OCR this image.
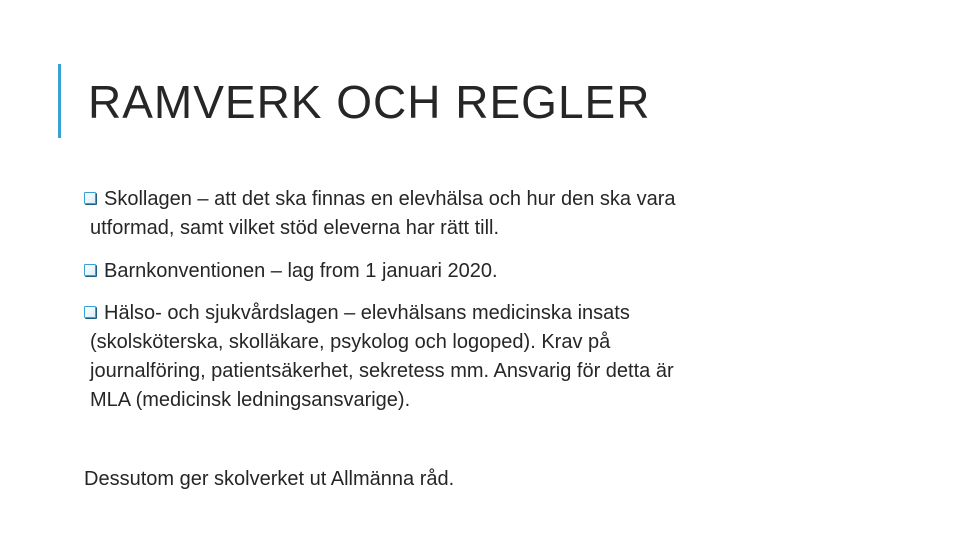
RAMVERK OCH REGLER
Skollagen – att det ska finnas en elevhälsa och hur den ska vara
utformad, samt vilket stöd eleverna har rätt till.
Barnkonventionen – lag from 1 januari 2020.
Hälso- och sjukvårdslagen – elevhälsans medicinska insats
(skolsköterska, skolläkare, psykolog och logoped). Krav på
journalföring, patientsäkerhet, sekretess mm. Ansvarig för detta är
MLA (medicinsk ledningsansvarige).
Dessutom ger skolverket ut Allmänna råd.
